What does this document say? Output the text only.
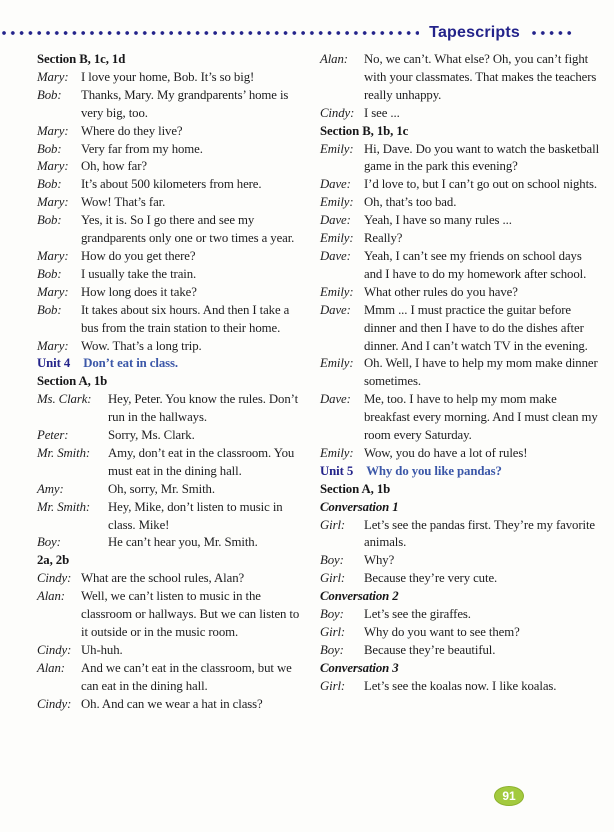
Tapescripts
Section B, 1c, 1d
Mary: I love your home, Bob. It’s so big!
Bob:	Thanks, Mary. My grandparents’ home is very big, too.
Mary: Where do they live?
Bob:	Very far from my home.
Mary: Oh, how far?
Bob:	It’s about 500 kilometers from here.
Mary: Wow! That’s far.
Bob:	Yes, it is. So I go there and see my grandparents only one or two times a year.
Mary: How do you get there?
Bob:	I usually take the train.
Mary: How long does it take?
Bob:	It takes about six hours. And then I take a bus from the train station to their home.
Mary: Wow. That’s a long trip.
Unit 4 Don’t eat in class.
Section A, 1b
Ms. Clark:	Hey, Peter. You know the rules. Don’t run in the hallways.
Peter:	Sorry, Ms. Clark.
Mr. Smith:	Amy, don’t eat in the classroom. You must eat in the dining hall.
Amy:	Oh, sorry, Mr. Smith.
Mr. Smith:	Hey, Mike, don’t listen to music in class. Mike!
Boy:	He can’t hear you, Mr. Smith.
2a, 2b
Cindy: What are the school rules, Alan?
Alan:	Well, we can’t listen to music in the classroom or hallways. But we can listen to it outside or in the music room.
Cindy: Uh-huh.
Alan:	And we can’t eat in the classroom, but we can eat in the dining hall.
Cindy: Oh. And can we wear a hat in class?
Alan:	No, we can’t. What else? Oh, you can’t fight with your classmates. That makes the teachers really unhappy.
Cindy: I see ...
Section B, 1b, 1c
Emily: Hi, Dave. Do you want to watch the basketball game in the park this evening?
Dave:	I’d love to, but I can’t go out on school nights.
Emily: Oh, that’s too bad.
Dave:	Yeah, I have so many rules ...
Emily: Really?
Dave:	Yeah, I can’t see my friends on school days and I have to do my homework after school.
Emily: What other rules do you have?
Dave:	Mmm ... I must practice the guitar before dinner and then I have to do the dishes after dinner. And I can’t watch TV in the evening.
Emily: Oh. Well, I have to help my mom make dinner sometimes.
Dave:	Me, too. I have to help my mom make breakfast every morning. And I must clean my room every Saturday.
Emily: Wow, you do have a lot of rules!
Unit 5 Why do you like pandas?
Section A, 1b
Conversation 1
Girl:	Let’s see the pandas first. They’re my favorite animals.
Boy:	Why?
Girl:	Because they’re very cute.
Conversation 2
Boy:	Let’s see the giraffes.
Girl:	Why do you want to see them?
Boy:	Because they’re beautiful.
Conversation 3
Girl:	Let’s see the koalas now. I like koalas.
91
